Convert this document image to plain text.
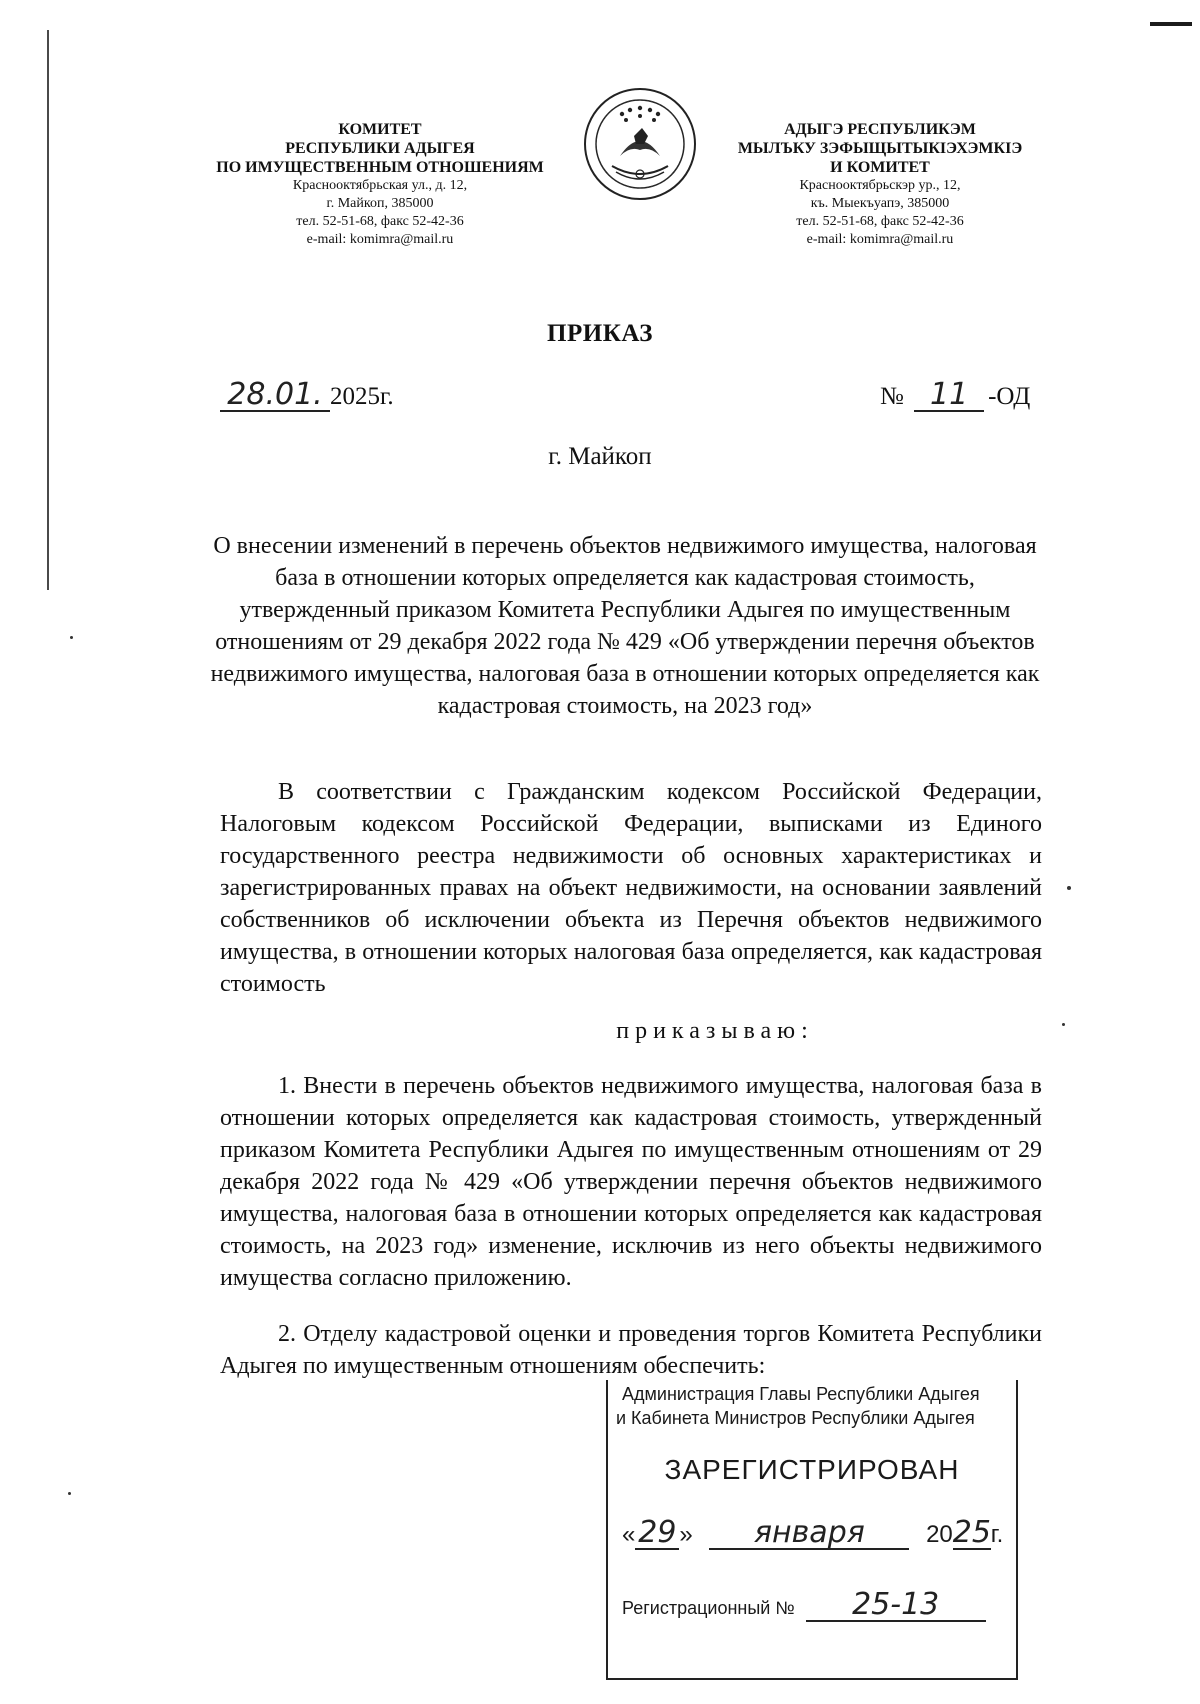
КОМИТЕТ
РЕСПУБЛИКИ АДЫГЕЯ
ПО ИМУЩЕСТВЕННЫМ ОТНОШЕНИЯМ
Краснооктябрьская ул., д. 12,
г. Майкоп, 385000
тел. 52-51-68, факс 52-42-36
e-mail: komimra@mail.ru
АДЫГЭ РЕСПУБЛИКЭМ
МЫЛЪКУ ЗЭФЫЩЫТЫКIЭХЭМКIЭ
И КОМИТЕТ
Краснооктябрьскэр ур., 12,
къ. Мыекъуапэ, 385000
тел. 52-51-68, факс 52-42-36
e-mail: komimra@mail.ru
ПРИКАЗ
28.01. 2025г.	№ 11 -ОД
г. Майкоп
О внесении изменений в перечень объектов недвижимого имущества, налоговая база в отношении которых определяется как кадастровая стоимость, утвержденный приказом Комитета Республики Адыгея по имущественным отношениям от 29 декабря 2022 года № 429 «Об утверждении перечня объектов недвижимого имущества, налоговая база в отношении которых определяется как кадастровая стоимость, на 2023 год»
В соответствии с Гражданским кодексом Российской Федерации, Налоговым кодексом Российской Федерации, выписками из Единого государственного реестра недвижимости об основных характеристиках и зарегистрированных правах на объект недвижимости, на основании заявлений собственников об исключении объекта из Перечня объектов недвижимого имущества, в отношении которых налоговая база определяется, как кадастровая стоимость
приказываю:
1. Внести в перечень объектов недвижимого имущества, налоговая база в отношении которых определяется как кадастровая стоимость, утвержденный приказом Комитета Республики Адыгея по имущественным отношениям от 29 декабря 2022 года № 429 «Об утверждении перечня объектов недвижимого имущества, налоговая база в отношении которых определяется как кадастровая стоимость, на 2023 год» изменение, исключив из него объекты недвижимого имущества согласно приложению.
2. Отделу кадастровой оценки и проведения торгов Комитета Республики Адыгея по имущественным отношениям обеспечить:
Администрация Главы Республики Адыгея
и Кабинета Министров Республики Адыгея
ЗАРЕГИСТРИРОВАН
«29 » января	2025г.
Регистрационный № 25-13
